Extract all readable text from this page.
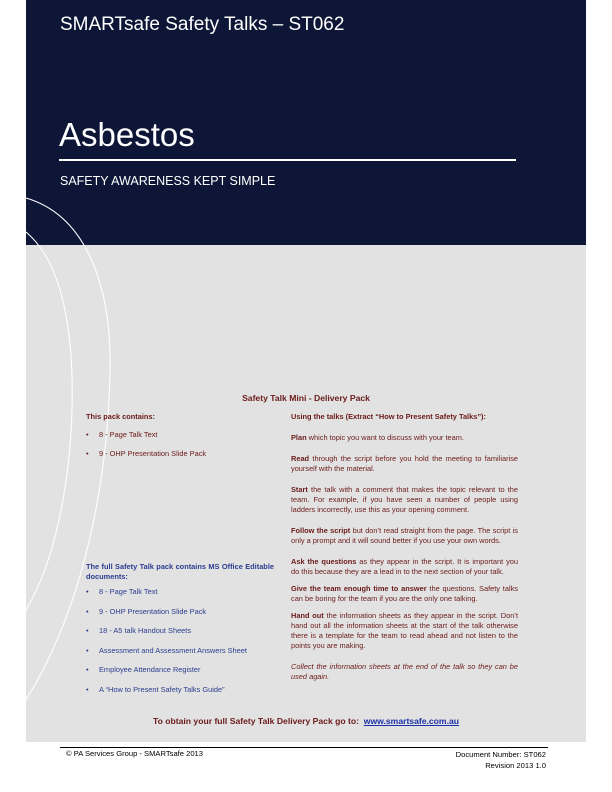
SMARTsafe Safety Talks – ST062
Asbestos
SAFETY AWARENESS KEPT SIMPLE
Safety Talk Mini - Delivery Pack
This pack contains:
• 8 - Page Talk Text
• 9 - OHP Presentation Slide Pack
The full Safety Talk pack contains MS Office Editable documents:
• 8 - Page Talk Text
• 9 - OHP Presentation Slide Pack
• 18 - A5 talk Handout Sheets
• Assessment and Assessment Answers Sheet
• Employee Attendance Register
• A “How to Present Safety Talks Guide”

Using the talks (Extract “How to Present Safety Talks”):

Plan which topic you want to discuss with your team.

Read through the script before you hold the meeting to familiarise yourself with the material.

Start the talk with a comment that makes the topic relevant to the team. For example, if you have seen a number of people using ladders incorrectly, use this as your opening comment.

Follow the script but don’t read straight from the page. The script is only a prompt and it will sound better if you use your own words.

Ask the questions as they appear in the script. It is important you do this because they are a lead in to the next section of your talk.

Give the team enough time to answer the questions. Safety talks can be boring for the team if you are the only one talking.

Hand out the information sheets as they appear in the script. Don’t hand out all the information sheets at the start of the talk otherwise there is a template for the team to read ahead and not listen to the points you are making.

Collect the information sheets at the end of the talk so they can be used again.

To obtain your full Safety Talk Delivery Pack go to: www.smartsafe.com.au
© PA Services Group - SMARTsafe 2013	Document Number: ST062
Revision 2013 1.0
